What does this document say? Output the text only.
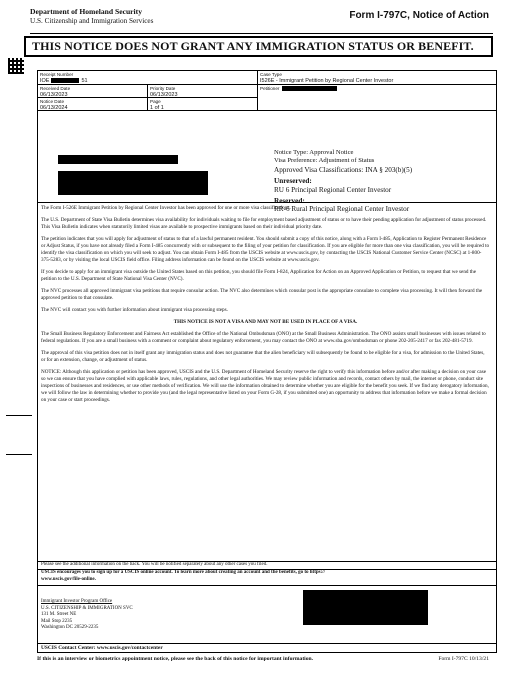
Department of Homeland Security
U.S. Citizenship and Immigration Services	Form I-797C, Notice of Action
THIS NOTICE DOES NOT GRANT ANY IMMIGRATION STATUS OR BENEFIT.
Receipt Number
IOE	51
Case Type
I526E - Immigrant Petition by Regional Center Investor
Received Date
06/13/2023
Priority Date
06/13/2023
Petitioner
Notice Date
06/13/2024
Page
1 of 1
Notice Type: Approval Notice
Visa Preference: Adjustment of Status
Approved Visa Classifications: INA § 203(b)(5)
Unreserved:
RU 6 Principal Regional Center Investor
Reserved:
RR-6 Rural Principal Regional Center Investor

The Form I-526E Immigrant Petition by Regional Center Investor has been approved for one or more visa classifications.

The U.S. Department of State Visa Bulletin determines visa availability for individuals waiting to file for employment based adjustment of status or to have their pending application for adjustment of status processed. This Visa Bulletin indicates when statutorily limited visas are available to prospective immigrants based on their individual priority date.

The petition indicates that you will apply for adjustment of status to that of a lawful permanent resident. You should submit a copy of this notice, along with a Form I-485, Application to Register Permanent Residence or Adjust Status, if you have not already filed a Form I-485 concurrently with or subsequent to the filing of your petition for classification. If you are eligible for more than one visa classification, you will be required to identify the visa classification on which you will seek to adjust. You can obtain Form I-485 from the USCIS website at www.uscis.gov, by contacting the USCIS National Customer Service Center (NCSC) at 1-800-375-5283, or by visiting the local USCIS field office. Filing address information can be found on the USCIS website at www.uscis.gov.

If you decide to apply for an immigrant visa outside the United States based on this petition, you should file Form I-824, Application for Action on an Approved Application or Petition, to request that we send the petition to the U.S. Department of State National Visa Center (NVC).

The NVC processes all approved immigrant visa petitions that require consular action. The NVC also determines which consular post is the appropriate consulate to complete visa processing. It will then forward the approved petition to that consulate.

The NVC will contact you with further information about immigrant visa processing steps.

THIS NOTICE IS NOT A VISA AND MAY NOT BE USED IN PLACE OF A VISA.

The Small Business Regulatory Enforcement and Fairness Act established the Office of the National Ombudsman (ONO) at the Small Business Administration. The ONO assists small businesses with issues related to federal regulations. If you are a small business with a comment or complaint about regulatory enforcement, you may contact the ONO at www.sba.gov/ombudsman or phone 202-205-2417 or fax 202-481-5719.

The approval of this visa petition does not in itself grant any immigration status and does not guarantee that the alien beneficiary will subsequently be found to be eligible for a visa, for admission to the United States, or for an extension, change, or adjustment of status.

NOTICE: Although this application or petition has been approved, USCIS and the U.S. Department of Homeland Security reserve the right to verify this information before and/or after making a decision on your case so we can ensure that you have complied with applicable laws, rules, regulations, and other legal authorities. We may review public information and records, contact others by mail, the internet or phone, conduct site inspections of businesses and residences, or use other methods of verification. We will use the information obtained to determine whether you are eligible for the benefit you seek. If we find any derogatory information, we will follow the law in determining whether to provide you (and the legal representative listed on your Form G-28, if you submitted one) an opportunity to address that information before we make a formal decision on your case or start proceedings.

Please see the additional information on the back. You will be notified separately about any other cases you filed.
USCIS encourages you to sign up for a USCIS online account. To learn more about creating an account and the benefits, go to https://
www.uscis.gov/file-online.
Immigrant Investor Program Office
U.S. CITIZENSHIP & IMMIGRATION SVC
131 M. Street NE
Mail Stop 2235
Washington DC 20529-2235
USCIS Contact Center: www.uscis.gov/contactcenter
If this is an interview or biometrics appointment notice, please see the back of this notice for important information.	Form I-797C 10/13/21
